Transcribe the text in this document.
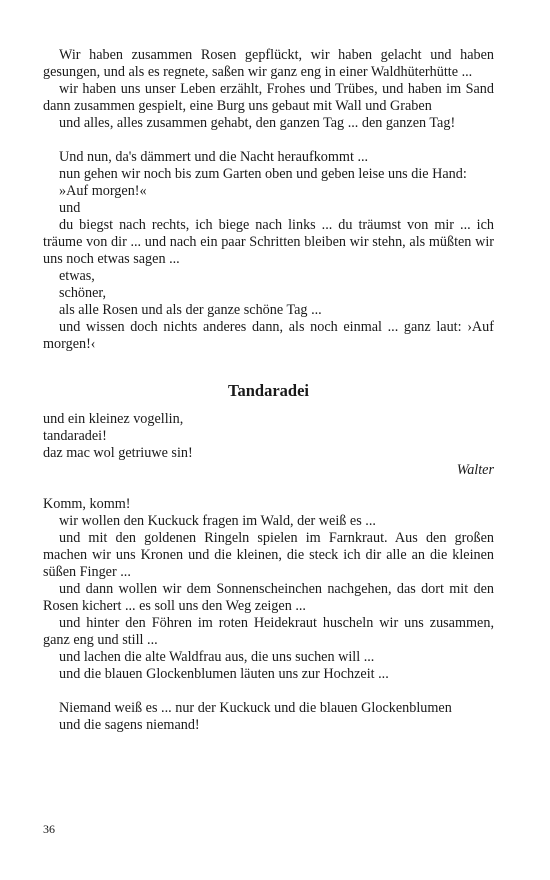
Wir haben zusammen Rosen gepflückt, wir haben gelacht und haben gesungen, und als es regnete, saßen wir ganz eng in einer Waldhüterhütte ...

wir haben uns unser Leben erzählt, Frohes und Trübes, und haben im Sand dann zusammen gespielt, eine Burg uns gebaut mit Wall und Graben

und alles, alles zusammen gehabt, den ganzen Tag ... den ganzen Tag!

Und nun, da's dämmert und die Nacht heraufkommt ...

nun gehen wir noch bis zum Garten oben und geben leise uns die Hand:

»Auf morgen!«

und

du biegst nach rechts, ich biege nach links ... du träumst von mir ... ich träume von dir ... und nach ein paar Schritten bleiben wir stehn, als müßten wir uns noch etwas sagen ...

etwas,

schöner,

als alle Rosen und als der ganze schöne Tag ...

und wissen doch nichts anderes dann, als noch einmal ... ganz laut: ›Auf morgen!‹

Tandaradei

und ein kleinez vogellin,

tandaradei!

daz mac wol getriuwe sin!

Walter

Komm, komm!

wir wollen den Kuckuck fragen im Wald, der weiß es ...

und mit den goldenen Ringeln spielen im Farnkraut. Aus den großen machen wir uns Kronen und die kleinen, die steck ich dir alle an die kleinen süßen Finger ...

und dann wollen wir dem Sonnenscheinchen nachgehen, das dort mit den Rosen kichert ... es soll uns den Weg zeigen ...

und hinter den Föhren im roten Heidekraut huscheln wir uns zusammen, ganz eng und still ...

und lachen die alte Waldfrau aus, die uns suchen will ...

und die blauen Glockenblumen läuten uns zur Hochzeit ...

Niemand weiß es ... nur der Kuckuck und die blauen Glockenblumen

und die sagens niemand!

36
